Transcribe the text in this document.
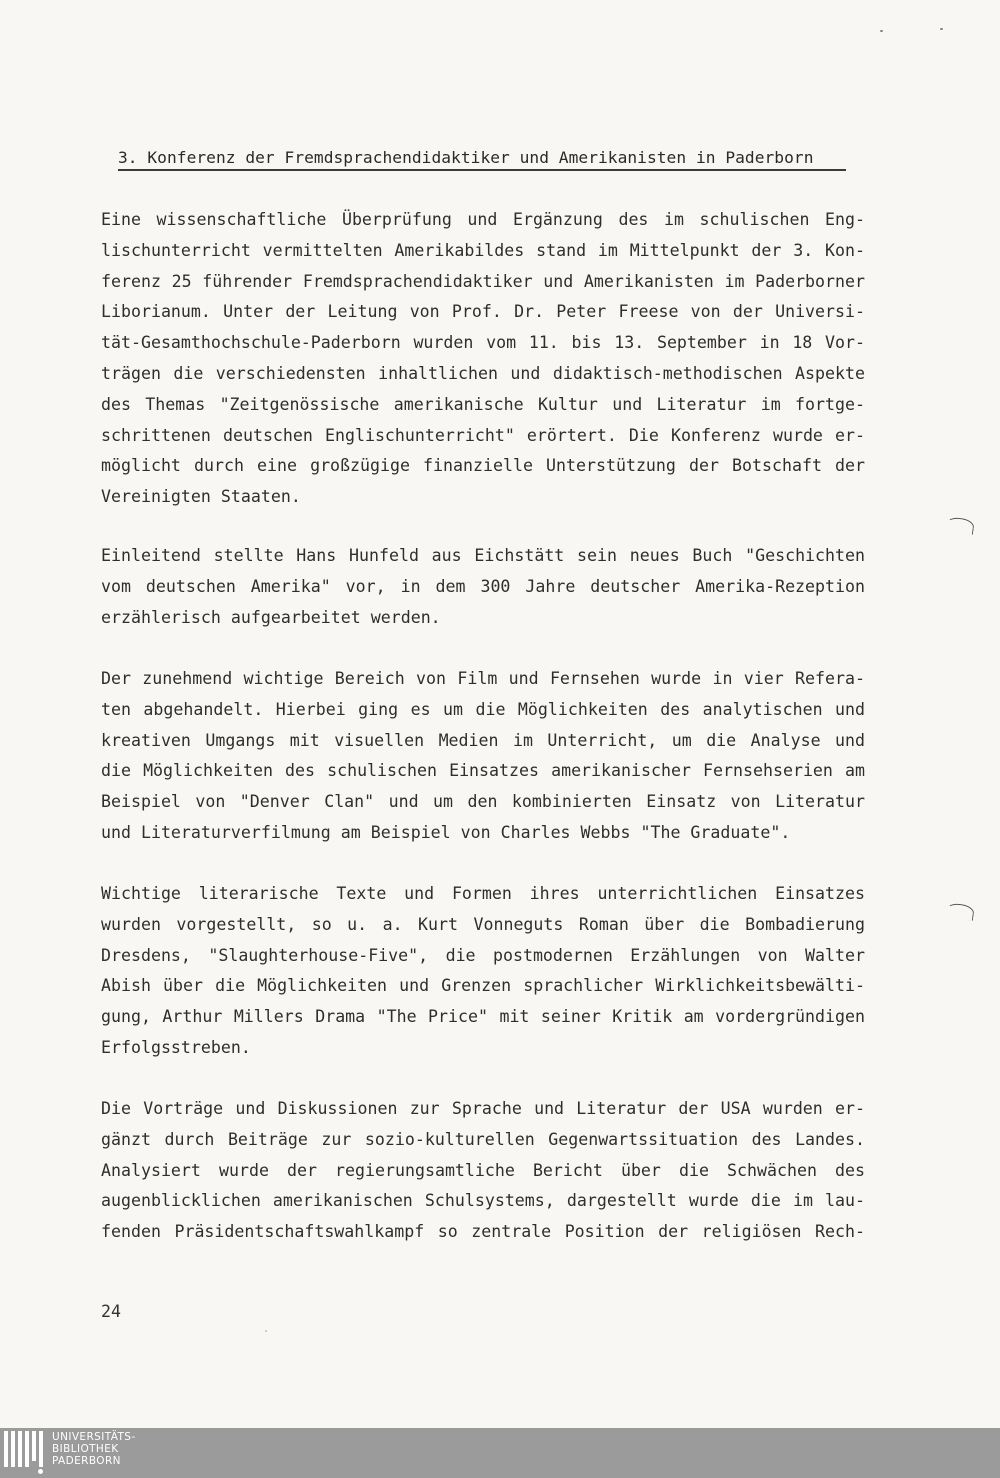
3. Konferenz der Fremdsprachendidaktiker und Amerikanisten in Paderborn
Eine wissenschaftliche Überprüfung und Ergänzung des im schulischen Eng-
lischunterricht vermittelten Amerikabildes stand im Mittelpunkt der 3. Kon-
ferenz 25 führender Fremdsprachendidaktiker und Amerikanisten im Paderborner
Liborianum. Unter der Leitung von Prof. Dr. Peter Freese von der Universi-
tät-Gesamthochschule-Paderborn wurden vom 11. bis 13. September in 18 Vor-
trägen die verschiedensten inhaltlichen und didaktisch-methodischen Aspekte
des Themas "Zeitgenössische amerikanische Kultur und Literatur im fortge-
schrittenen deutschen Englischunterricht" erörtert. Die Konferenz wurde er-
möglicht durch eine großzügige finanzielle Unterstützung der Botschaft der
Vereinigten Staaten.
Einleitend stellte Hans Hunfeld aus Eichstätt sein neues Buch "Geschichten
vom deutschen Amerika" vor, in dem 300 Jahre deutscher Amerika-Rezeption
erzählerisch aufgearbeitet werden.
Der zunehmend wichtige Bereich von Film und Fernsehen wurde in vier Refera-
ten abgehandelt. Hierbei ging es um die Möglichkeiten des analytischen und
kreativen Umgangs mit visuellen Medien im Unterricht, um die Analyse und
die Möglichkeiten des schulischen Einsatzes amerikanischer Fernsehserien am
Beispiel von "Denver Clan" und um den kombinierten Einsatz von Literatur
und Literaturverfilmung am Beispiel von Charles Webbs "The Graduate".
Wichtige literarische Texte und Formen ihres unterrichtlichen Einsatzes
wurden vorgestellt, so u. a. Kurt Vonneguts Roman über die Bombadierung
Dresdens, "Slaughterhouse-Five", die postmodernen Erzählungen von Walter
Abish über die Möglichkeiten und Grenzen sprachlicher Wirklichkeitsbewälti-
gung, Arthur Millers Drama "The Price" mit seiner Kritik am vordergründigen
Erfolgsstreben.
Die Vorträge und Diskussionen zur Sprache und Literatur der USA wurden er-
gänzt durch Beiträge zur sozio-kulturellen Gegenwartssituation des Landes.
Analysiert wurde der regierungsamtliche Bericht über die Schwächen des
augenblicklichen amerikanischen Schulsystems, dargestellt wurde die im lau-
fenden Präsidentschaftswahlkampf so zentrale Position der religiösen Rech-
24
UNIVERSITÄTS-
BIBLIOTHEK
PADERBORN
